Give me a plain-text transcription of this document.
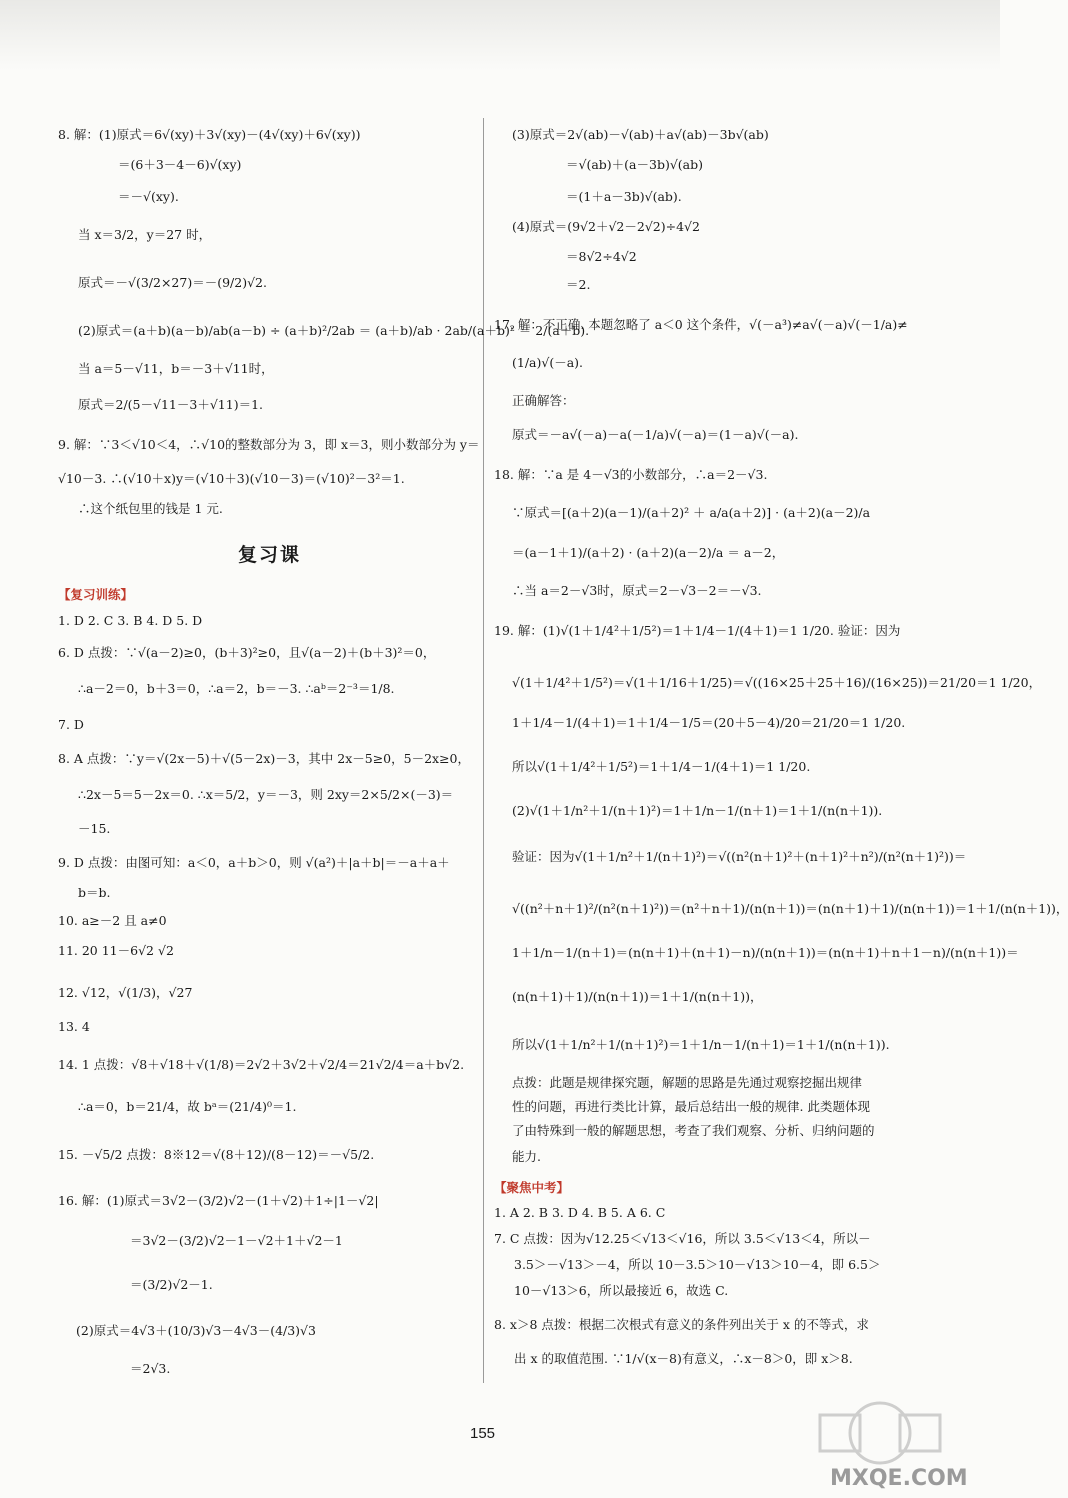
8. 解：(1)原式＝6√(xy)＋3√(xy)－(4√(xy)＋6√(xy))
＝(6＋3－4－6)√(xy)
＝－√(xy).
当 x＝3/2，y＝27 时，
原式＝－√(3/2×27)＝－(9/2)√2.
(2)原式＝(a＋b)(a－b)/ab(a－b) ÷ (a＋b)²/2ab ＝ (a＋b)/ab · 2ab/(a＋b)² ＝ 2/(a＋b).
当 a＝5－√11，b＝－3＋√11时，
原式＝2/(5－√11－3＋√11)＝1.
9. 解：∵3＜√10＜4，∴√10的整数部分为 3，即 x＝3，则小数部分为 y＝
√10－3. ∴(√10＋x)y＝(√10＋3)(√10－3)＝(√10)²－3²＝1.
∴这个纸包里的钱是 1 元.
复习课
【复习训练】
1. D 2. C 3. B 4. D 5. D
6. D 点拨：∵√(a－2)≥0，(b＋3)²≥0，且√(a－2)＋(b＋3)²＝0，
∴a－2＝0，b＋3＝0，∴a＝2，b＝－3. ∴aᵇ＝2⁻³＝1/8.
7. D
8. A 点拨：∵y＝√(2x－5)＋√(5－2x)－3，其中 2x－5≥0，5－2x≥0，
∴2x－5＝5－2x＝0. ∴x＝5/2，y＝－3，则 2xy＝2×5/2×(－3)＝
－15.
9. D 点拨：由图可知：a＜0，a＋b＞0，则 √(a²)＋|a＋b|＝－a＋a＋
b＝b.
10. a≥－2 且 a≠0
11. 20 11－6√2 √2
12. √12，√(1/3)，√27
13. 4
14. 1 点拨：√8＋√18＋√(1/8)＝2√2＋3√2＋√2/4＝21√2/4＝a＋b√2.
∴a＝0，b＝21/4，故 bᵃ＝(21/4)⁰＝1.
15. －√5/2 点拨：8※12＝√(8＋12)/(8－12)＝－√5/2.
16. 解：(1)原式＝3√2－(3/2)√2－(1＋√2)＋1÷|1－√2|
＝3√2－(3/2)√2－1－√2＋1＋√2－1
＝(3/2)√2－1.
(2)原式＝4√3＋(10/3)√3－4√3－(4/3)√3
＝2√3.
(3)原式＝2√(ab)－√(ab)＋a√(ab)－3b√(ab)
＝√(ab)＋(a－3b)√(ab)
＝(1＋a－3b)√(ab).
(4)原式＝(9√2＋√2－2√2)÷4√2
＝8√2÷4√2
＝2.
17. 解：不正确. 本题忽略了 a＜0 这个条件，√(－a³)≠a√(－a)√(－1/a)≠
(1/a)√(－a).
正确解答：
原式＝－a√(－a)－a(－1/a)√(－a)＝(1－a)√(－a).
18. 解：∵a 是 4－√3的小数部分，∴a＝2－√3.
∵原式＝[(a＋2)(a－1)/(a＋2)² ＋ a/a(a＋2)] · (a＋2)(a－2)/a
＝(a－1＋1)/(a＋2) · (a＋2)(a－2)/a ＝ a－2，
∴当 a＝2－√3时，原式＝2－√3－2＝－√3.
19. 解：(1)√(1＋1/4²＋1/5²)＝1＋1/4－1/(4＋1)＝1 1/20. 验证：因为
√(1＋1/4²＋1/5²)＝√(1＋1/16＋1/25)＝√((16×25＋25＋16)/(16×25))＝21/20＝1 1/20，
1＋1/4－1/(4＋1)＝1＋1/4－1/5＝(20＋5－4)/20＝21/20＝1 1/20.
所以√(1＋1/4²＋1/5²)＝1＋1/4－1/(4＋1)＝1 1/20.
(2)√(1＋1/n²＋1/(n＋1)²)＝1＋1/n－1/(n＋1)＝1＋1/(n(n＋1)).
验证：因为√(1＋1/n²＋1/(n＋1)²)＝√((n²(n＋1)²＋(n＋1)²＋n²)/(n²(n＋1)²))＝
√((n²＋n＋1)²/(n²(n＋1)²))＝(n²＋n＋1)/(n(n＋1))＝(n(n＋1)＋1)/(n(n＋1))＝1＋1/(n(n＋1))，
1＋1/n－1/(n＋1)＝(n(n＋1)＋(n＋1)－n)/(n(n＋1))＝(n(n＋1)＋n＋1－n)/(n(n＋1))＝
(n(n＋1)＋1)/(n(n＋1))＝1＋1/(n(n＋1))，
所以√(1＋1/n²＋1/(n＋1)²)＝1＋1/n－1/(n＋1)＝1＋1/(n(n＋1)).
点拨：此题是规律探究题，解题的思路是先通过观察挖掘出规律
性的问题，再进行类比计算，最后总结出一般的规律. 此类题体现
了由特殊到一般的解题思想，考查了我们观察、分析、归纳问题的
能力.
【聚焦中考】
1. A 2. B 3. D 4. B 5. A 6. C
7. C 点拨：因为√12.25＜√13＜√16，所以 3.5＜√13＜4，所以－
3.5＞－√13＞－4，所以 10－3.5＞10－√13＞10－4，即 6.5＞
10－√13＞6，所以最接近 6，故选 C.
8. x＞8 点拨：根据二次根式有意义的条件列出关于 x 的不等式，求
出 x 的取值范围. ∵1/√(x－8)有意义，∴x－8＞0，即 x＞8.
155
MXQE.COM
